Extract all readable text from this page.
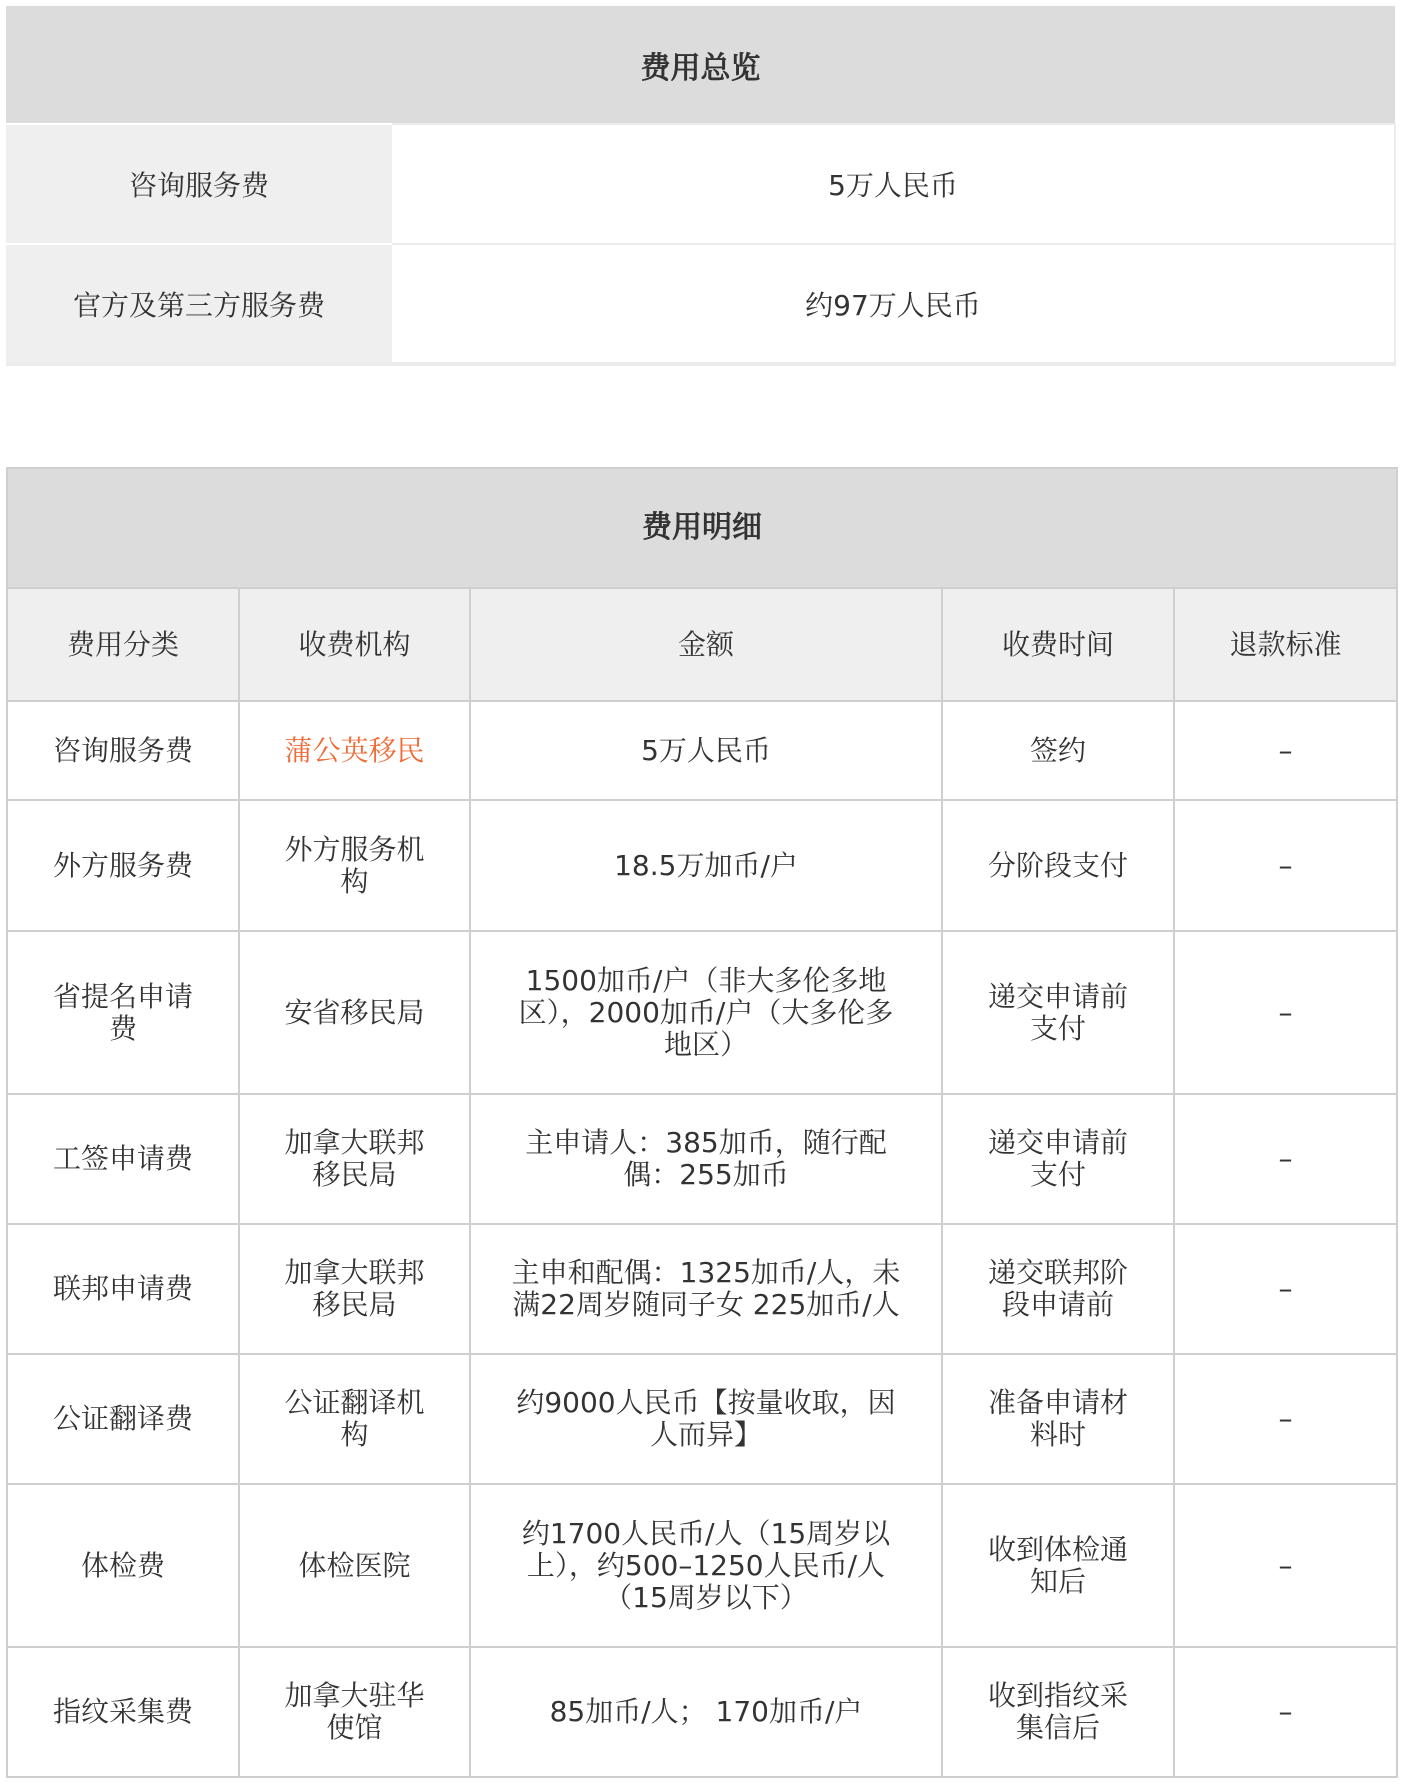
费用总览	
咨询服务费	5万人民币
官方及第三方服务费	约97万人民币
费用明细				
费用分类	收费机构	金额	收费时间	退款标准
咨询服务费	蒲公英移民	5万人民币	签约	–
外方服务费	外方服务机构	18.5万加币/户	分阶段支付	–
省提名申请费	安省移民局	1500加币/户（非大多伦多地区），2000加币/户（大多伦多地区）	递交申请前支付	–
工签申请费	加拿大联邦移民局	主申请人：385加币，随行配偶：255加币	递交申请前支付	–
联邦申请费	加拿大联邦移民局	主申和配偶：1325加币/人，未满22周岁随同子女 225加币/人	递交联邦阶段申请前	–
公证翻译费	公证翻译机构	约9000人民币【按量收取，因人而异】	准备申请材料时	–
体检费	体检医院	约1700人民币/人（15周岁以上），约500–1250人民币/人（15周岁以下）	收到体检通知后	–
指纹采集费	加拿大驻华使馆	85加币/人； 170加币/户	收到指纹采集信后	–
